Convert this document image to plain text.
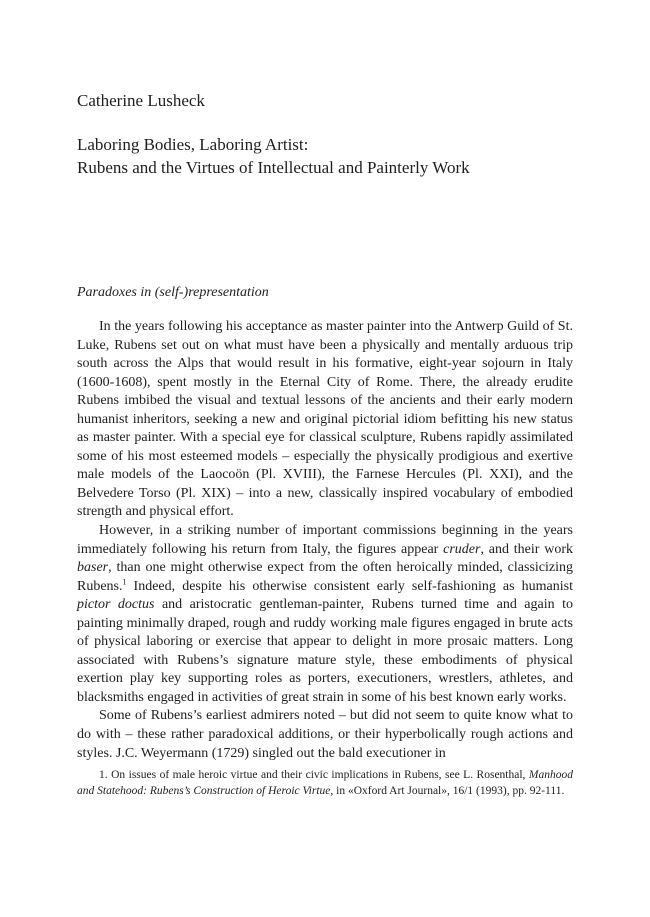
Catherine Lusheck
Laboring Bodies, Laboring Artist:
Rubens and the Virtues of Intellectual and Painterly Work
Paradoxes in (self-)representation

In the years following his acceptance as master painter into the Antwerp Guild of St. Luke, Rubens set out on what must have been a physically and mentally arduous trip south across the Alps that would result in his formative, eight-year sojourn in Italy (1600-1608), spent mostly in the Eternal City of Rome. There, the already erudite Rubens imbibed the visual and textual lessons of the ancients and their early modern humanist inheritors, seeking a new and original pictorial idiom befitting his new status as master painter. With a special eye for classical sculpture, Rubens rapidly assimilated some of his most esteemed models – especially the physically prodigious and exertive male models of the Laocoön (Pl. XVIII), the Farnese Hercules (Pl. XXI), and the Belvedere Torso (Pl. XIX) – into a new, classically inspired vocabulary of embodied strength and physical effort.

However, in a striking number of important commissions beginning in the years immediately following his return from Italy, the figures appear cruder, and their work baser, than one might otherwise expect from the often heroically minded, classicizing Rubens.$^1$ Indeed, despite his otherwise consistent early self-fashioning as humanist pictor doctus and aristocratic gentleman-painter, Rubens turned time and again to painting minimally draped, rough and ruddy working male figures engaged in brute acts of physical laboring or exercise that appear to delight in more prosaic matters. Long associated with Rubens’s signature mature style, these embodiments of physical exertion play key supporting roles as porters, executioners, wrestlers, athletes, and blacksmiths engaged in activities of great strain in some of his best known early works.

Some of Rubens’s earliest admirers noted – but did not seem to quite know what to do with – these rather paradoxical additions, or their hyperbolically rough actions and styles. J.C. Weyermann (1729) singled out the bald executioner in

1. On issues of male heroic virtue and their civic implications in Rubens, see L. Rosenthal, Manhood and Statehood: Rubens’s Construction of Heroic Virtue, in «Oxford Art Journal», 16/1 (1993), pp. 92-111.
